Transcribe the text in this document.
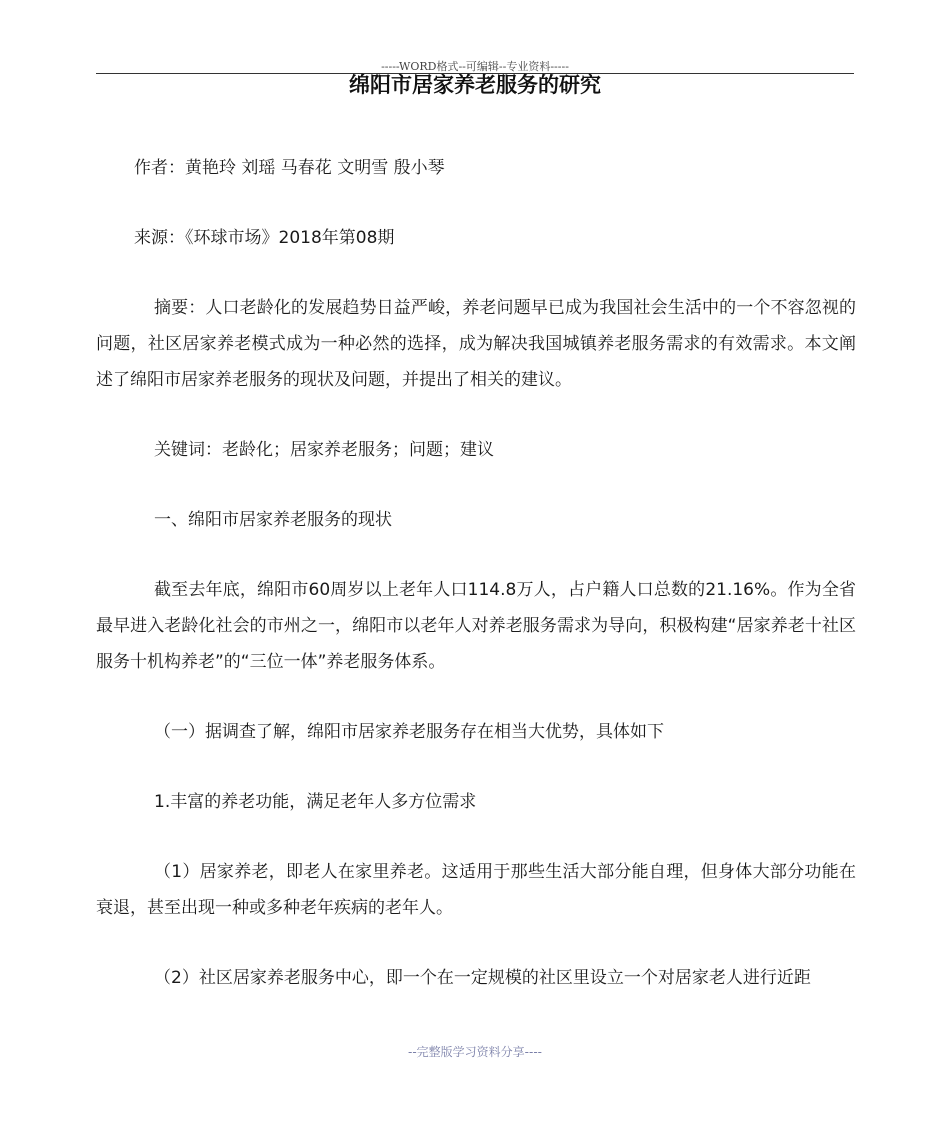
-----WORD格式--可编辑--专业资料-----
绵阳市居家养老服务的研究

作者：黄艳玲 刘瑶 马春花 文明雪 殷小琴

来源：《环球市场》2018年第08期

摘要：人口老龄化的发展趋势日益严峻，养老问题早已成为我国社会生活中的一个不容忽视的问题，社区居家养老模式成为一种必然的选择，成为解决我国城镇养老服务需求的有效需求。本文阐述了绵阳市居家养老服务的现状及问题，并提出了相关的建议。

关键词：老龄化；居家养老服务；问题；建议

一、绵阳市居家养老服务的现状

截至去年底，绵阳市60周岁以上老年人口114.8万人，占户籍人口总数的21.16%。作为全省最早进入老龄化社会的市州之一，绵阳市以老年人对养老服务需求为导向，积极构建“居家养老十社区服务十机构养老”的“三位一体”养老服务体系。

（一）据调查了解，绵阳市居家养老服务存在相当大优势，具体如下

1.丰富的养老功能，满足老年人多方位需求

（1）居家养老，即老人在家里养老。这适用于那些生活大部分能自理，但身体大部分功能在衰退，甚至出现一种或多种老年疾病的老年人。

（2）社区居家养老服务中心，即一个在一定规模的社区里设立一个对居家老人进行近距

--完整版学习资料分享----
